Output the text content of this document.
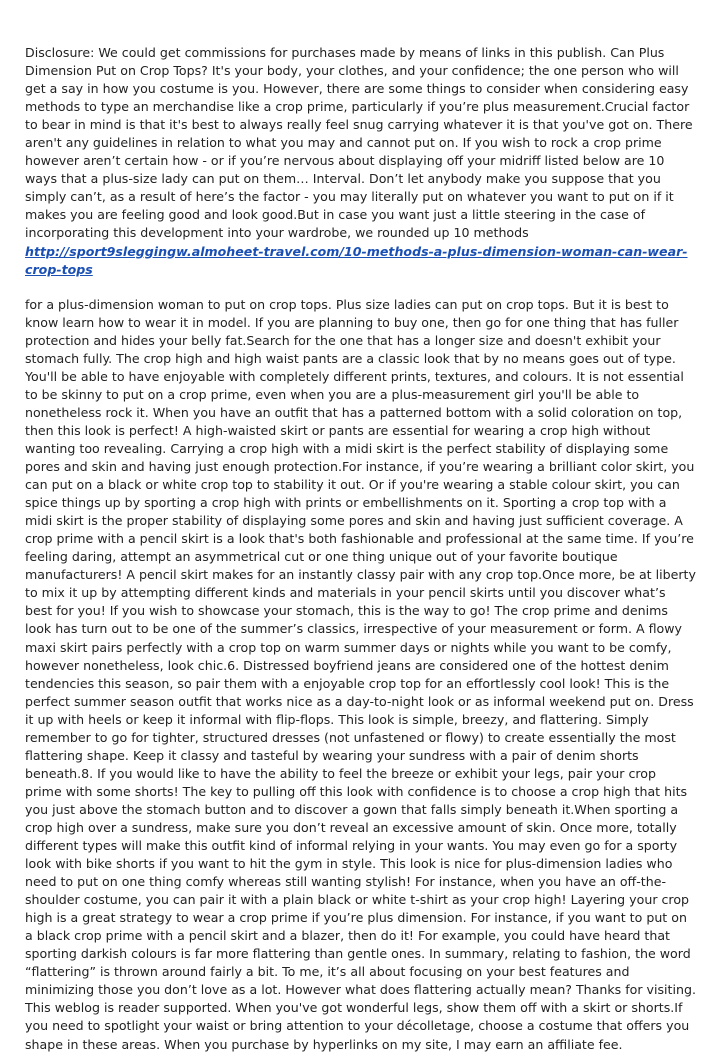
Disclosure: We could get commissions for purchases made by means of links in this publish. Can Plus Dimension Put on Crop Tops? It's your body, your clothes, and your confidence; the one person who will get a say in how you costume is you. However, there are some things to consider when considering easy methods to type an merchandise like a crop prime, particularly if you’re plus measurement.Crucial factor to bear in mind is that it's best to always really feel snug carrying whatever it is that you've got on. There aren't any guidelines in relation to what you may and cannot put on. If you wish to rock a crop prime however aren’t certain how - or if you’re nervous about displaying off your midriff listed below are 10 ways that a plus-size lady can put on them… Interval. Don’t let anybody make you suppose that you simply can’t, as a result of here’s the factor - you may literally put on whatever you want to put on if it makes you are feeling good and look good.But in case you want just a little steering in the case of incorporating this development into your wardrobe, we rounded up 10 methods

http://sport9sleggingw.almoheet-travel.com/10-methods-a-plus-dimension-woman-can-wear-crop-tops

for a plus-dimension woman to put on crop tops. Plus size ladies can put on crop tops. But it is best to know learn how to wear it in model. If you are planning to buy one, then go for one thing that has fuller protection and hides your belly fat.Search for the one that has a longer size and doesn't exhibit your stomach fully. The crop high and high waist pants are a classic look that by no means goes out of type. You'll be able to have enjoyable with completely different prints, textures, and colours. It is not essential to be skinny to put on a crop prime, even when you are a plus-measurement girl you'll be able to nonetheless rock it. When you have an outfit that has a patterned bottom with a solid coloration on top, then this look is perfect! A high-waisted skirt or pants are essential for wearing a crop high without wanting too revealing. Carrying a crop high with a midi skirt is the perfect stability of displaying some pores and skin and having just enough protection.For instance, if you’re wearing a brilliant color skirt, you can put on a black or white crop top to stability it out. Or if you're wearing a stable colour skirt, you can spice things up by sporting a crop high with prints or embellishments on it. Sporting a crop top with a midi skirt is the proper stability of displaying some pores and skin and having just sufficient coverage. A crop prime with a pencil skirt is a look that's both fashionable and professional at the same time. If you’re feeling daring, attempt an asymmetrical cut or one thing unique out of your favorite boutique manufacturers! A pencil skirt makes for an instantly classy pair with any crop top.Once more, be at liberty to mix it up by attempting different kinds and materials in your pencil skirts until you discover what’s best for you! If you wish to showcase your stomach, this is the way to go! The crop prime and denims look has turn out to be one of the summer’s classics, irrespective of your measurement or form. A flowy maxi skirt pairs perfectly with a crop top on warm summer days or nights while you want to be comfy, however nonetheless, look chic.6. Distressed boyfriend jeans are considered one of the hottest denim tendencies this season, so pair them with a enjoyable crop top for an effortlessly cool look! This is the perfect summer season outfit that works nice as a day-to-night look or as informal weekend put on. Dress it up with heels or keep it informal with flip-flops. This look is simple, breezy, and flattering. Simply remember to go for tighter, structured dresses (not unfastened or flowy) to create essentially the most flattering shape. Keep it classy and tasteful by wearing your sundress with a pair of denim shorts beneath.8. If you would like to have the ability to feel the breeze or exhibit your legs, pair your crop prime with some shorts! The key to pulling off this look with confidence is to choose a crop high that hits you just above the stomach button and to discover a gown that falls simply beneath it.When sporting a crop high over a sundress, make sure you don’t reveal an excessive amount of skin. Once more, totally different types will make this outfit kind of informal relying in your wants. You may even go for a sporty look with bike shorts if you want to hit the gym in style. This look is nice for plus-dimension ladies who need to put on one thing comfy whereas still wanting stylish! For instance, when you have an off-the-shoulder costume, you can pair it with a plain black or white t-shirt as your crop high! Layering your crop high is a great strategy to wear a crop prime if you’re plus dimension. For instance, if you want to put on a black crop prime with a pencil skirt and a blazer, then do it! For example, you could have heard that sporting darkish colours is far more flattering than gentle ones. In summary, relating to fashion, the word “flattering” is thrown around fairly a bit. To me, it’s all about focusing on your best features and minimizing those you don’t love as a lot. However what does flattering actually mean? Thanks for visiting. This weblog is reader supported. When you've got wonderful legs, show them off with a skirt or shorts.If you need to spotlight your waist or bring attention to your décolletage, choose a costume that offers you shape in these areas. When you purchase by hyperlinks on my site, I may earn an affiliate fee.
